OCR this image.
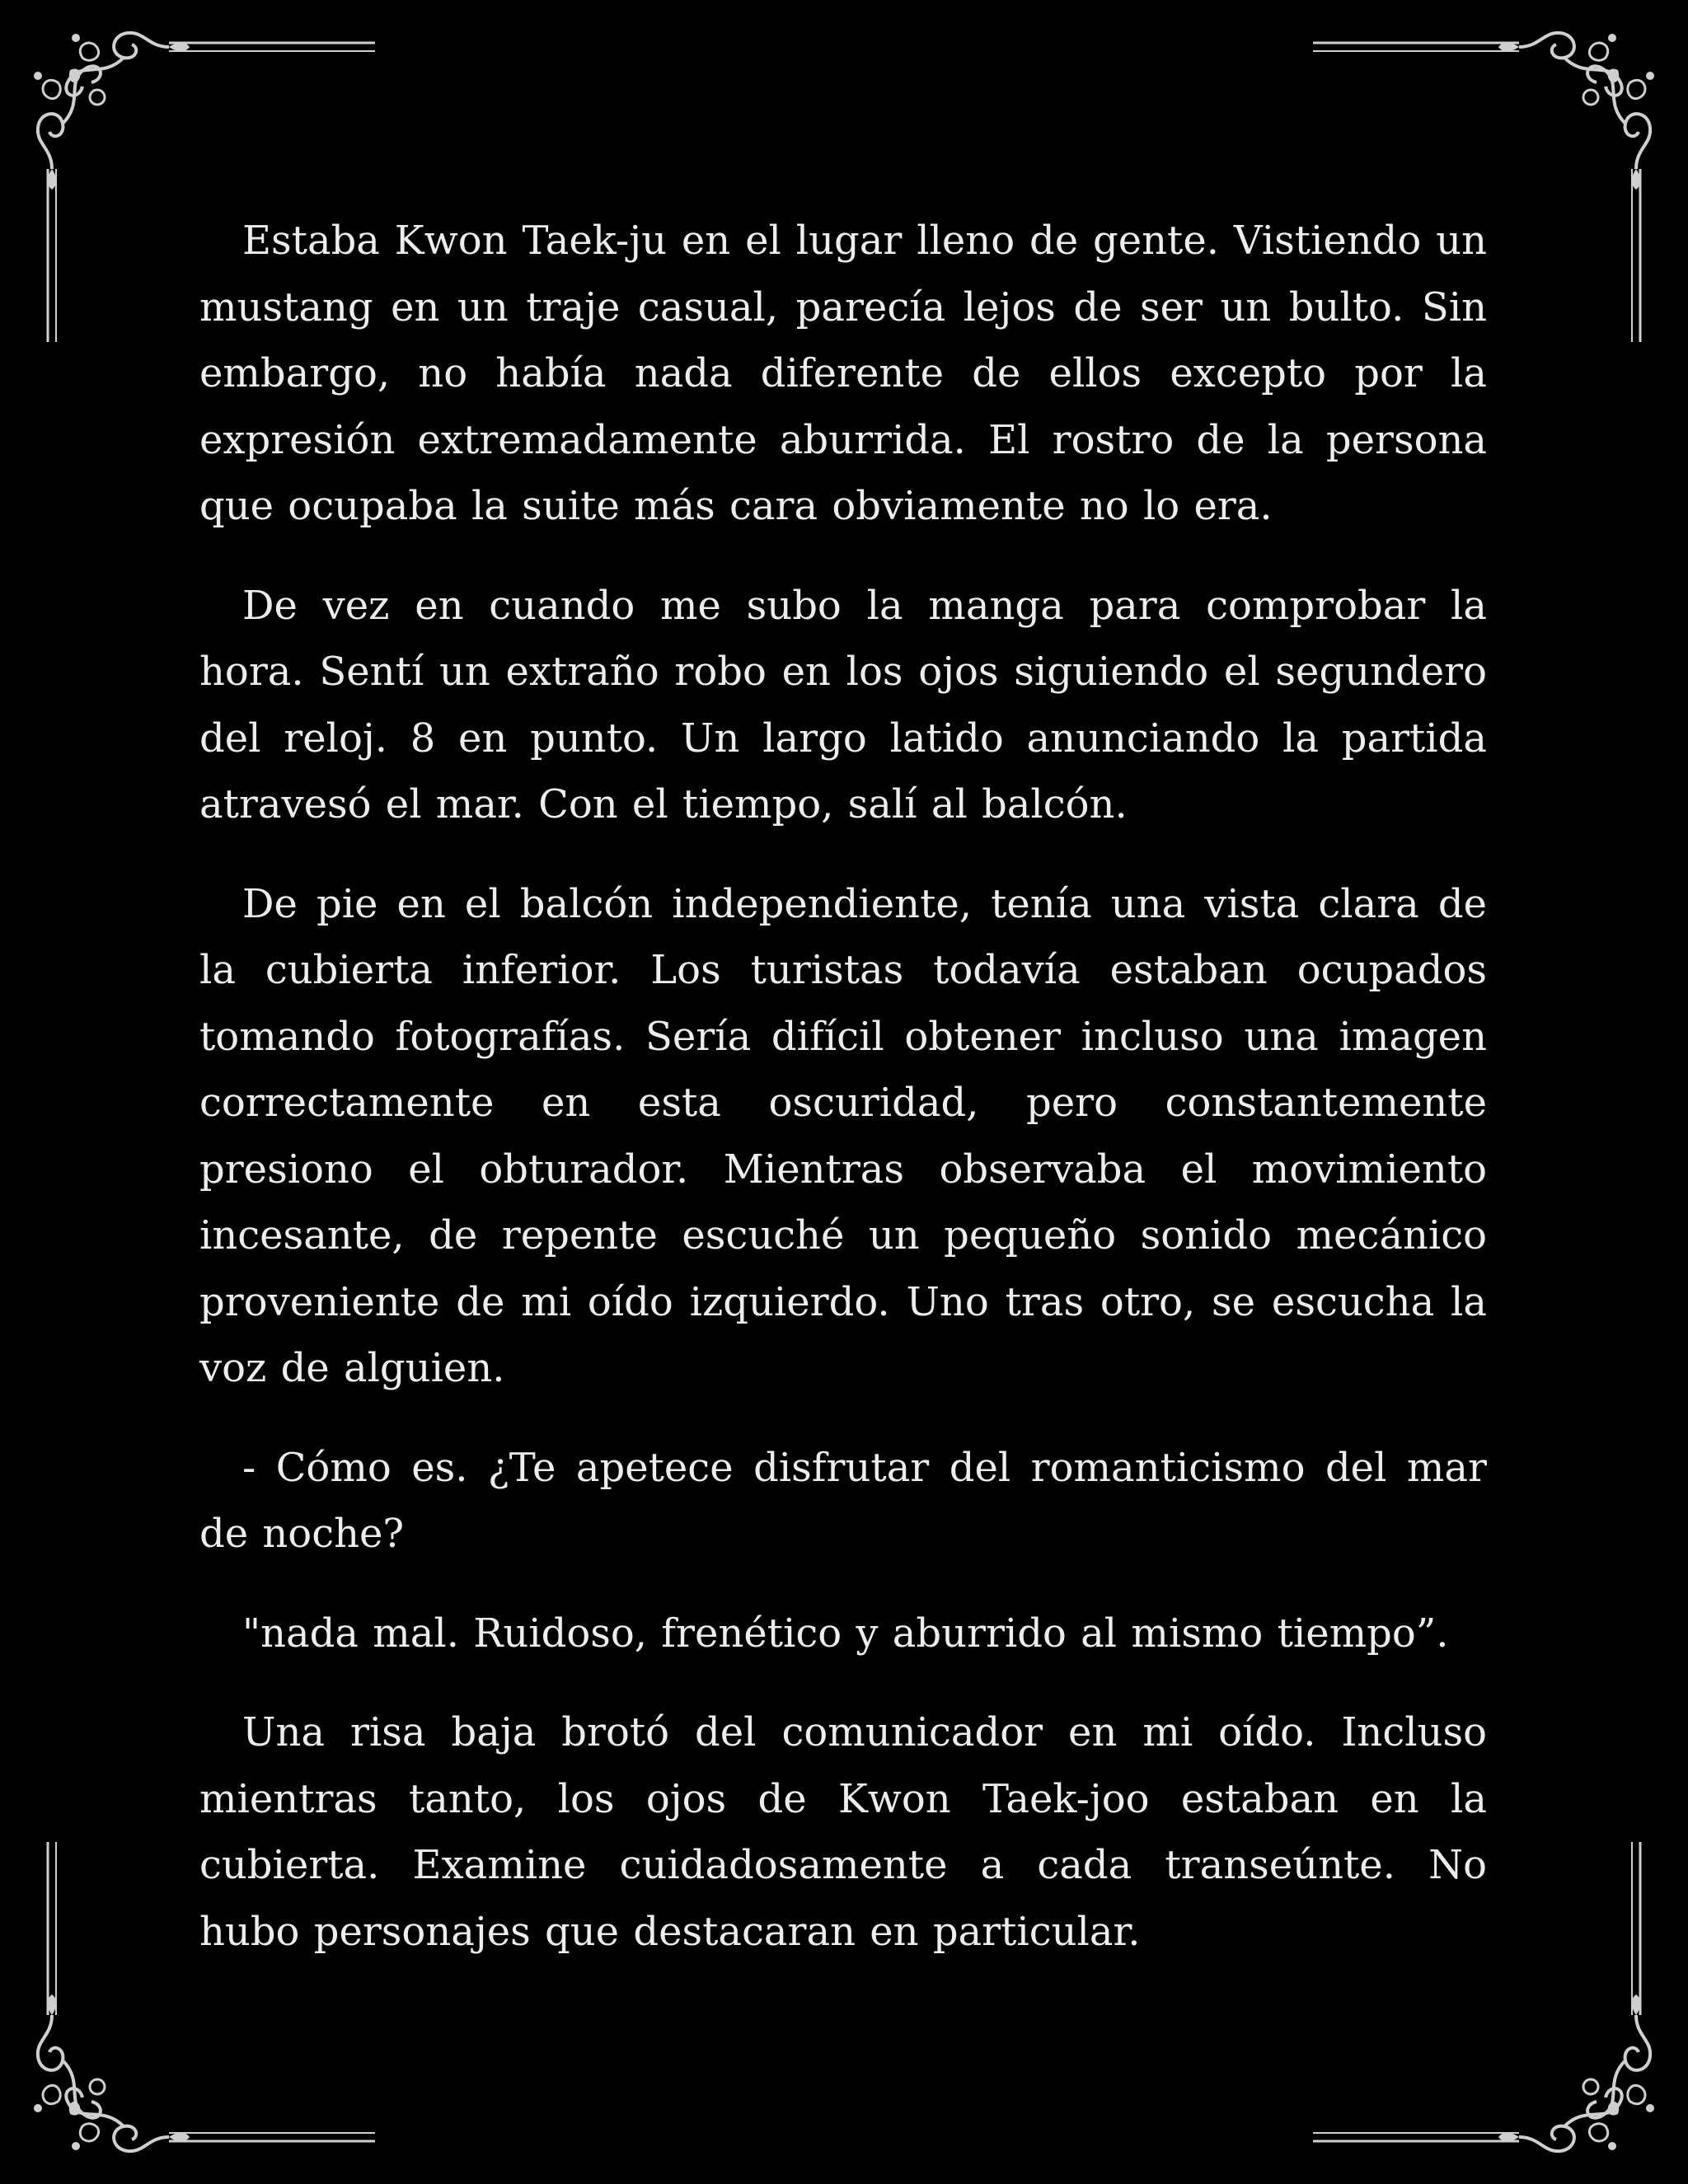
Estaba Kwon Taek-ju en el lugar lleno de gente. Vistiendo un mustang en un traje casual, parecía lejos de ser un bulto. Sin embargo, no había nada diferente de ellos excepto por la expresión extremadamente aburrida. El rostro de la persona que ocupaba la suite más cara obviamente no lo era.

De vez en cuando me subo la manga para comprobar la hora. Sentí un extraño robo en los ojos siguiendo el segundero del reloj. 8 en punto. Un largo latido anunciando la partida atravesó el mar. Con el tiempo, salí al balcón.

De pie en el balcón independiente, tenía una vista clara de la cubierta inferior. Los turistas todavía estaban ocupados tomando fotografías. Sería difícil obtener incluso una imagen correctamente en esta oscuridad, pero constantemente presiono el obturador. Mientras observaba el movimiento incesante, de repente escuché un pequeño sonido mecánico proveniente de mi oído izquierdo. Uno tras otro, se escucha la voz de alguien.

- Cómo es. ¿Te apetece disfrutar del romanticismo del mar de noche?

"nada mal. Ruidoso, frenético y aburrido al mismo tiempo”.

Una risa baja brotó del comunicador en mi oído. Incluso mientras tanto, los ojos de Kwon Taek-joo estaban en la cubierta. Examine cuidadosamente a cada transeúnte. No hubo personajes que destacaran en particular.
